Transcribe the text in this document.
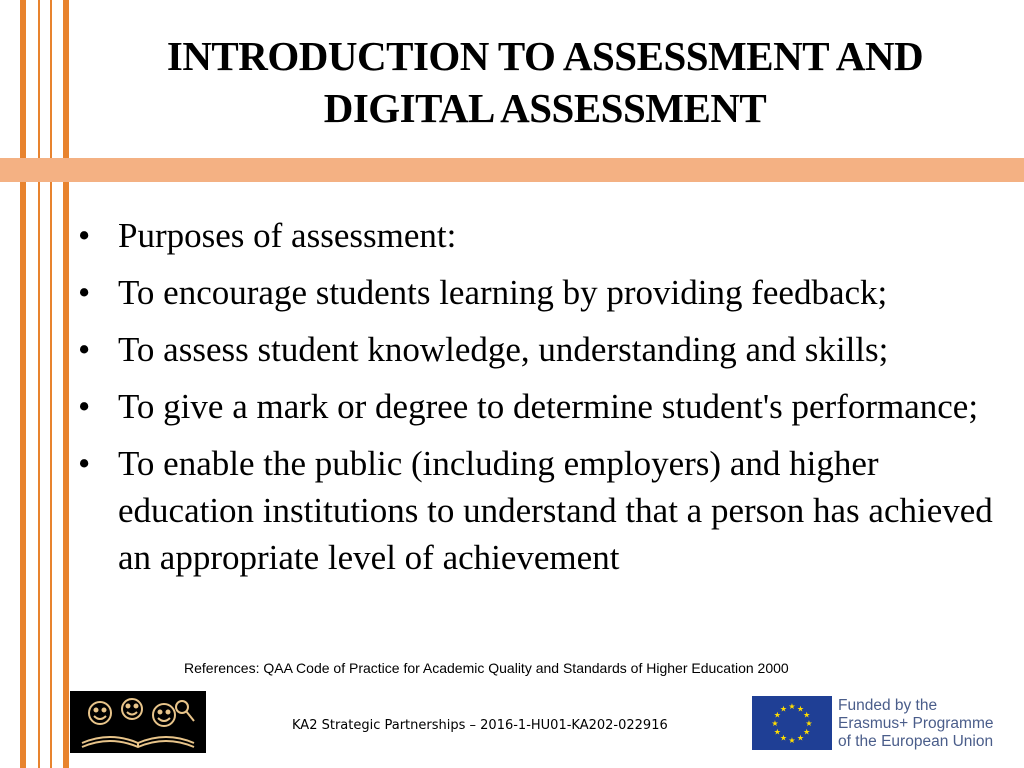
INTRODUCTION TO ASSESSMENT AND
DIGITAL ASSESSMENT
• Purposes of assessment:
• To encourage students learning by providing feedback;
• To assess student knowledge, understanding and skills;
• To give a mark or degree to determine student's performance;
• To enable the public (including employers) and higher education institutions to understand that a person has achieved an appropriate level of achievement
References: QAA Code of Practice for Academic Quality and Standards of Higher Education 2000
KA2 Strategic Partnerships – 2016-1-HU01-KA202-022916
★ ★
★
★
★
★
★
★
★
★
★
★	Funded by the
Erasmus+ Programme
of the European Union
